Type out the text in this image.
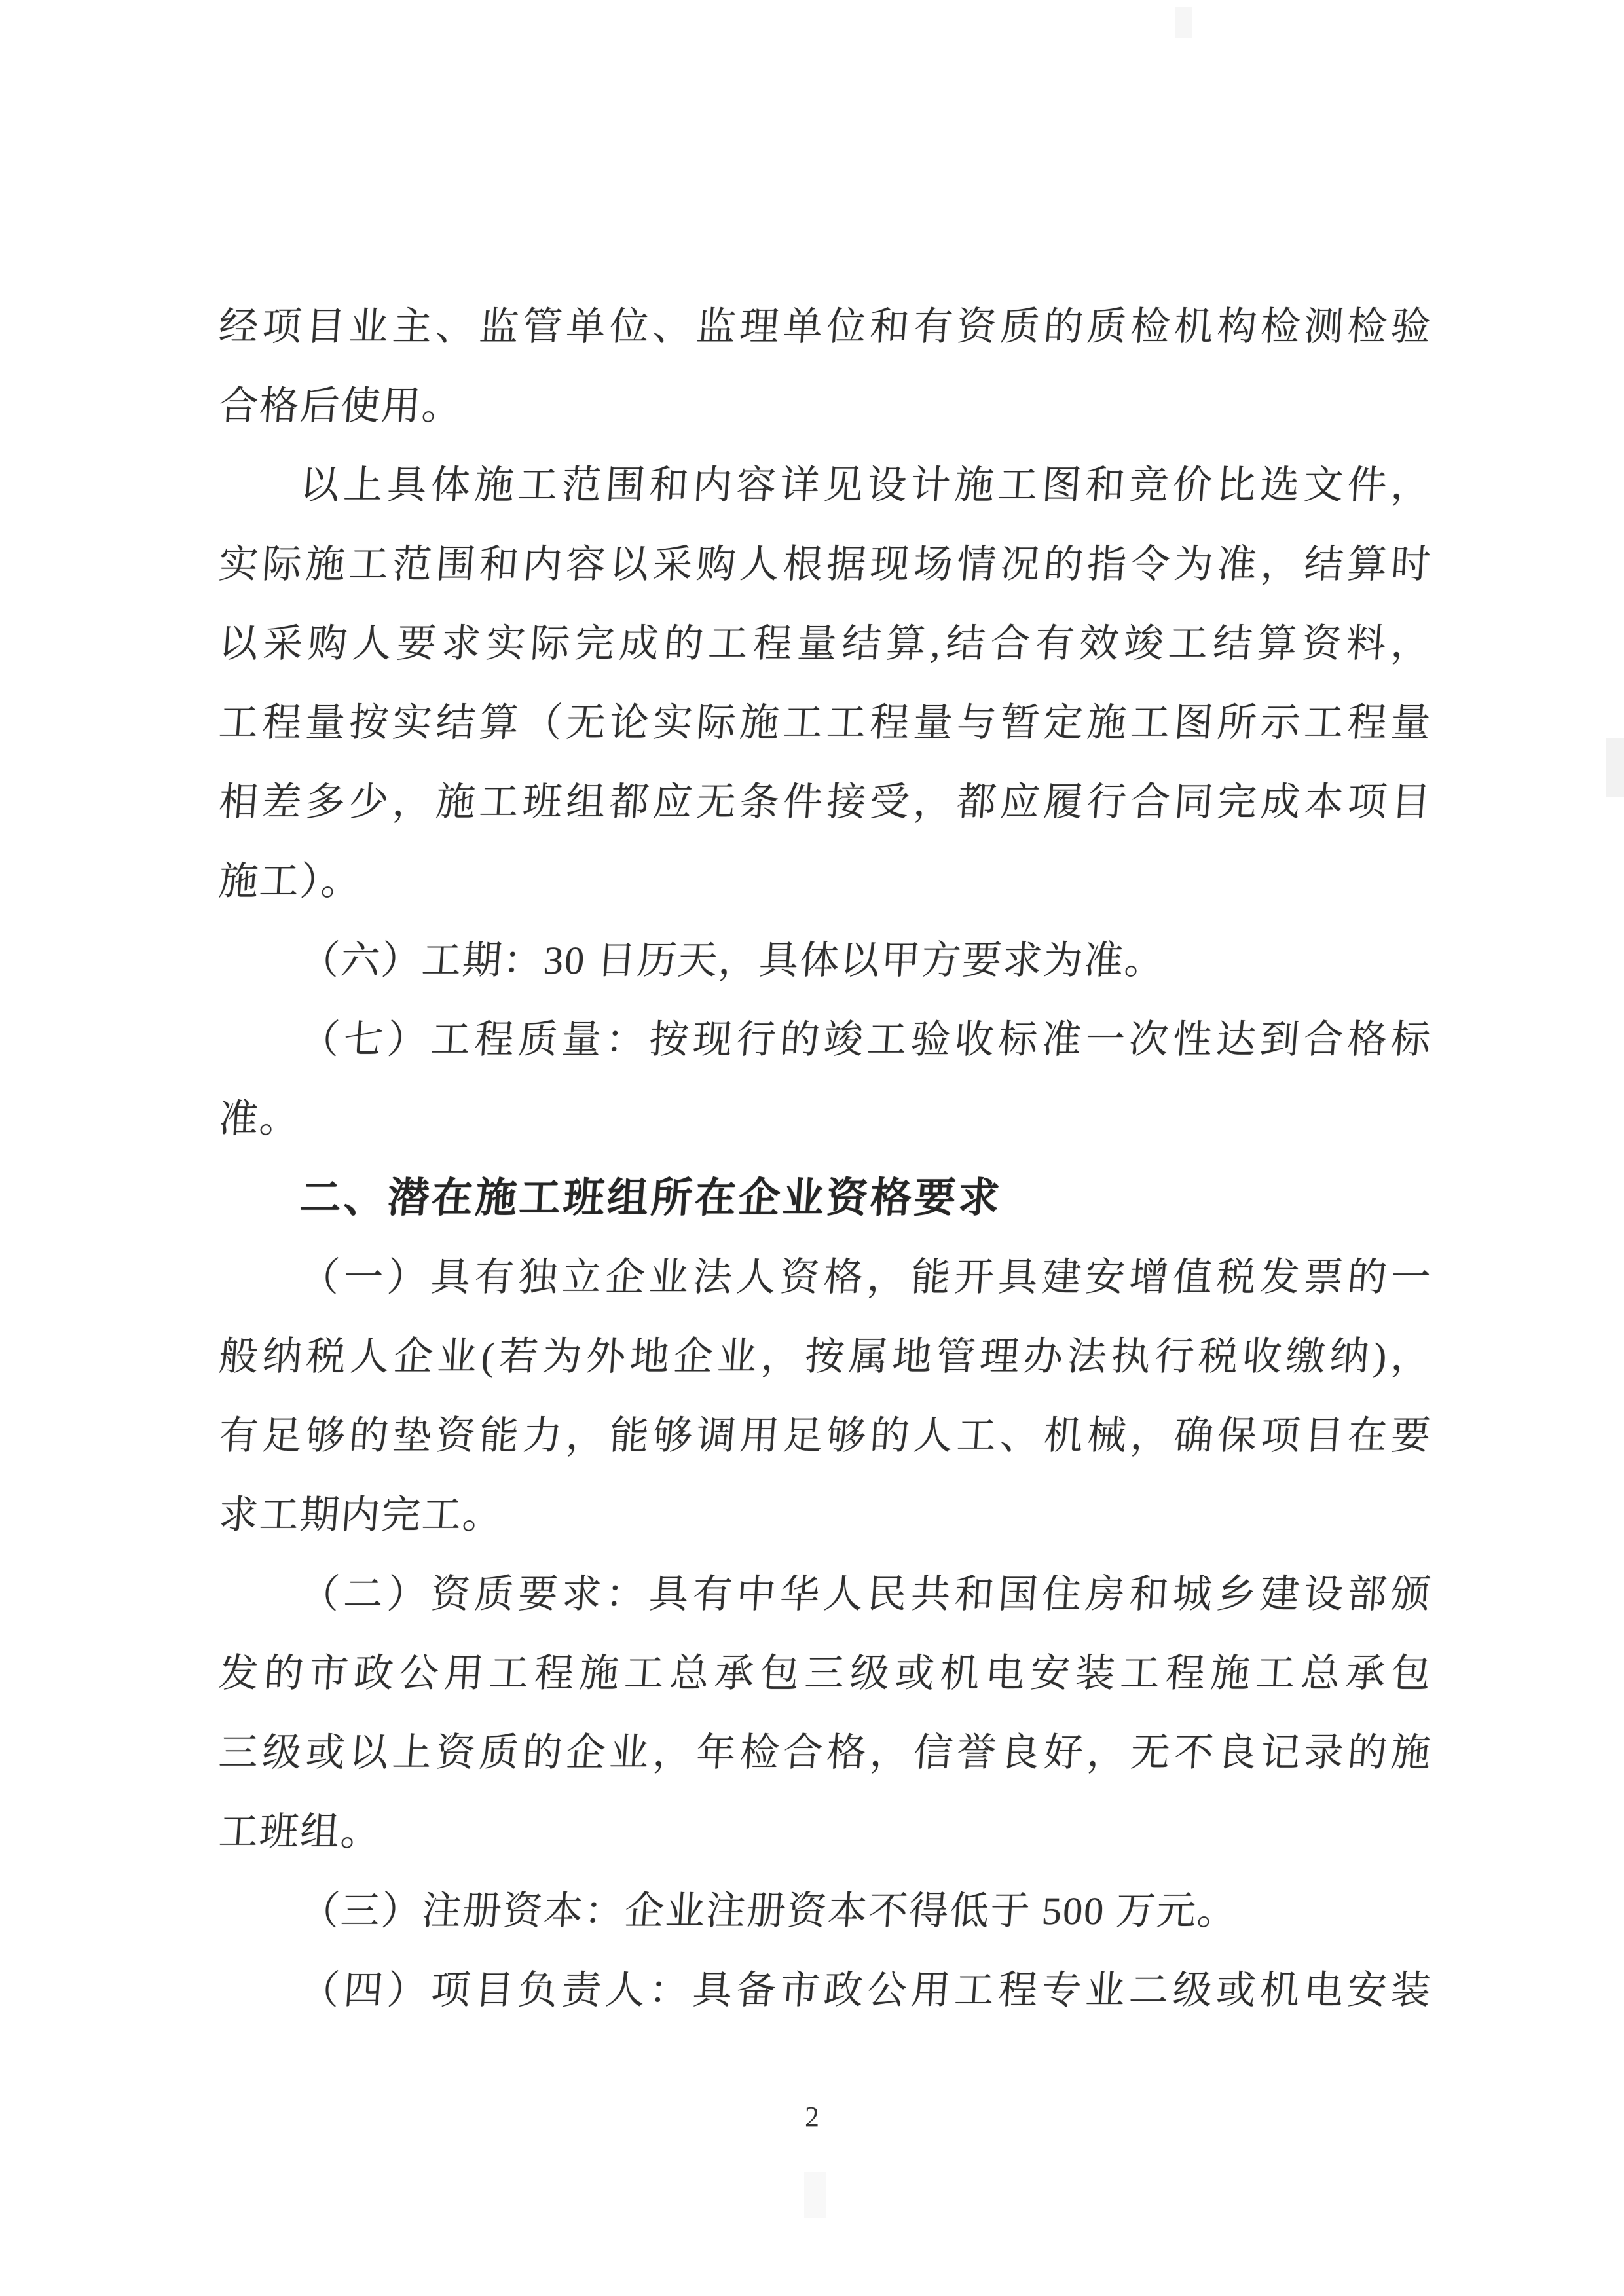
经项目业主、监管单位、监理单位和有资质的质检机构检测检验
合格后使用。
以上具体施工范围和内容详见设计施工图和竞价比选文件，
实际施工范围和内容以采购人根据现场情况的指令为准，结算时
以采购人要求实际完成的工程量结算,结合有效竣工结算资料，
工程量按实结算（无论实际施工工程量与暂定施工图所示工程量
相差多少，施工班组都应无条件接受，都应履行合同完成本项目
施工）。
（六）工期：30 日历天，具体以甲方要求为准。
（七）工程质量：按现行的竣工验收标准一次性达到合格标
准。
二、潜在施工班组所在企业资格要求
（一）具有独立企业法人资格，能开具建安增值税发票的一
般纳税人企业(若为外地企业，按属地管理办法执行税收缴纳)，
有足够的垫资能力，能够调用足够的人工、机械，确保项目在要
求工期内完工。
（二）资质要求：具有中华人民共和国住房和城乡建设部颁
发的市政公用工程施工总承包三级或机电安装工程施工总承包
三级或以上资质的企业，年检合格，信誉良好，无不良记录的施
工班组。
（三）注册资本：企业注册资本不得低于 500 万元。
（四）项目负责人：具备市政公用工程专业二级或机电安装
2
